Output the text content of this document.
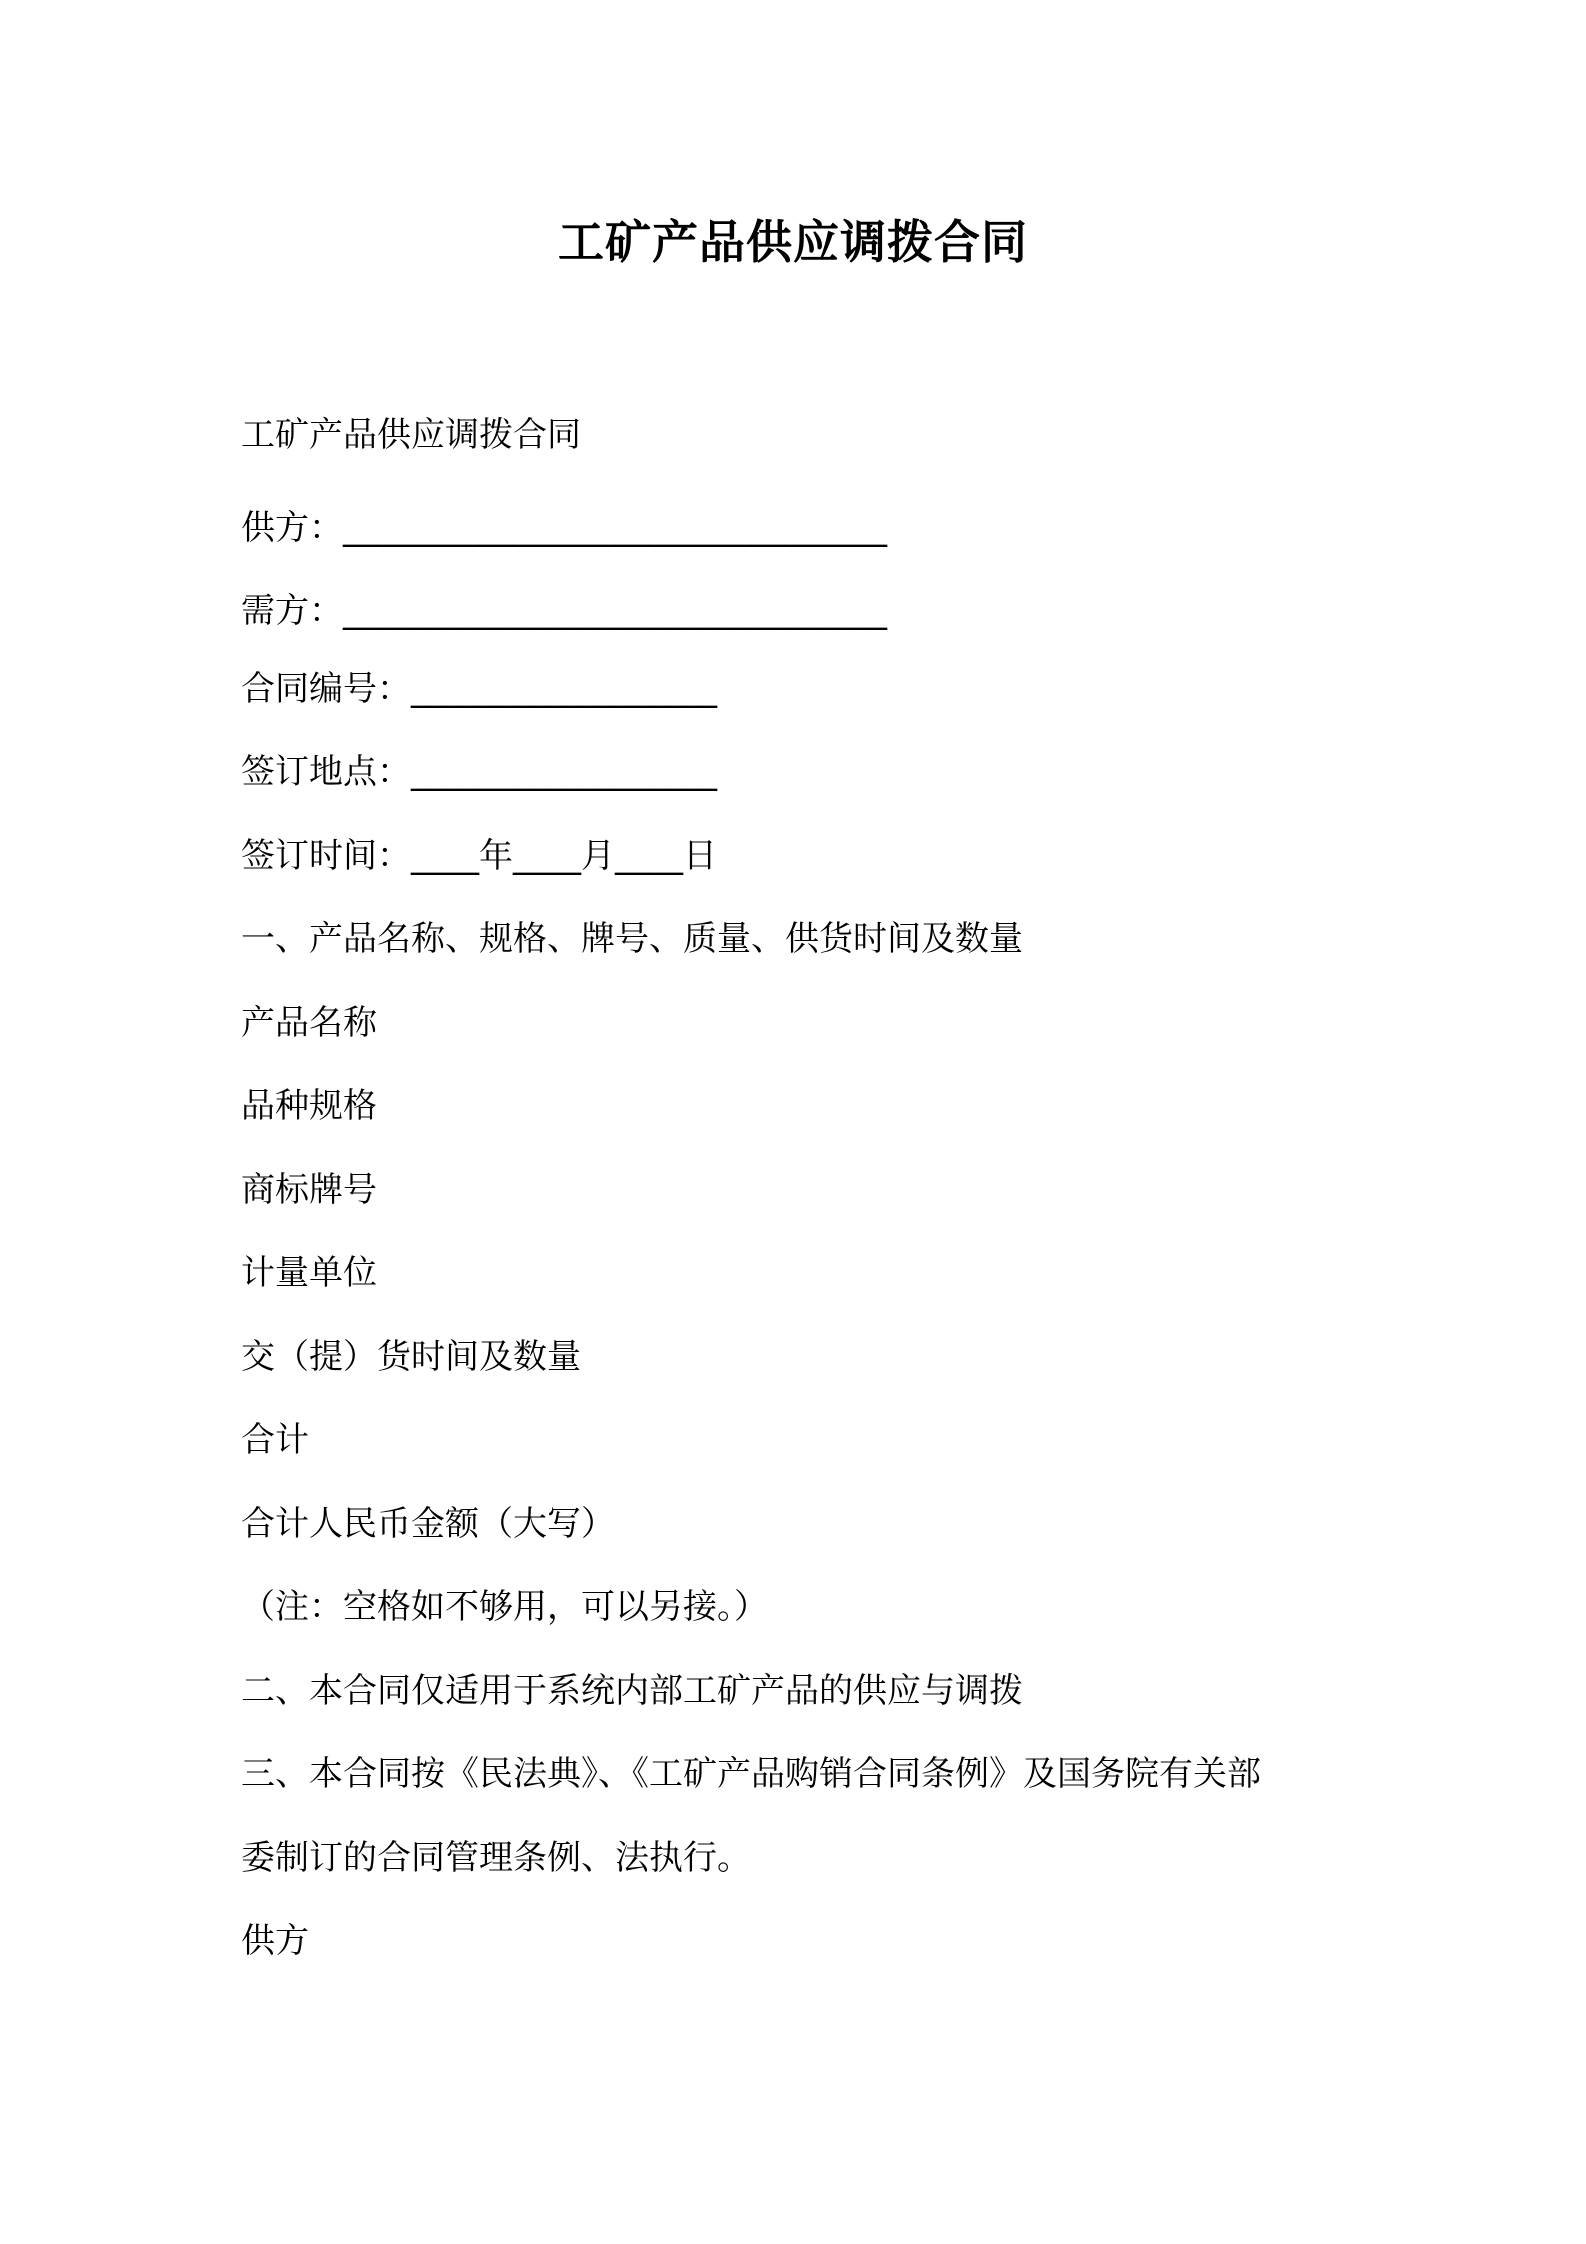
工矿产品供应调拨合同
工矿产品供应调拨合同
供方：________________________________
需方：________________________________
合同编号：__________________
签订地点：__________________
签订时间：____年____月____日
一、产品名称、规格、牌号、质量、供货时间及数量
产品名称
品种规格
商标牌号
计量单位
交（提）货时间及数量
合计
合计人民币金额（大写）
（注：空格如不够用，可以另接。）
二、本合同仅适用于系统内部工矿产品的供应与调拨
三、本合同按《民法典》、《工矿产品购销合同条例》及国务院有关部
委制订的合同管理条例、法执行。
供方
